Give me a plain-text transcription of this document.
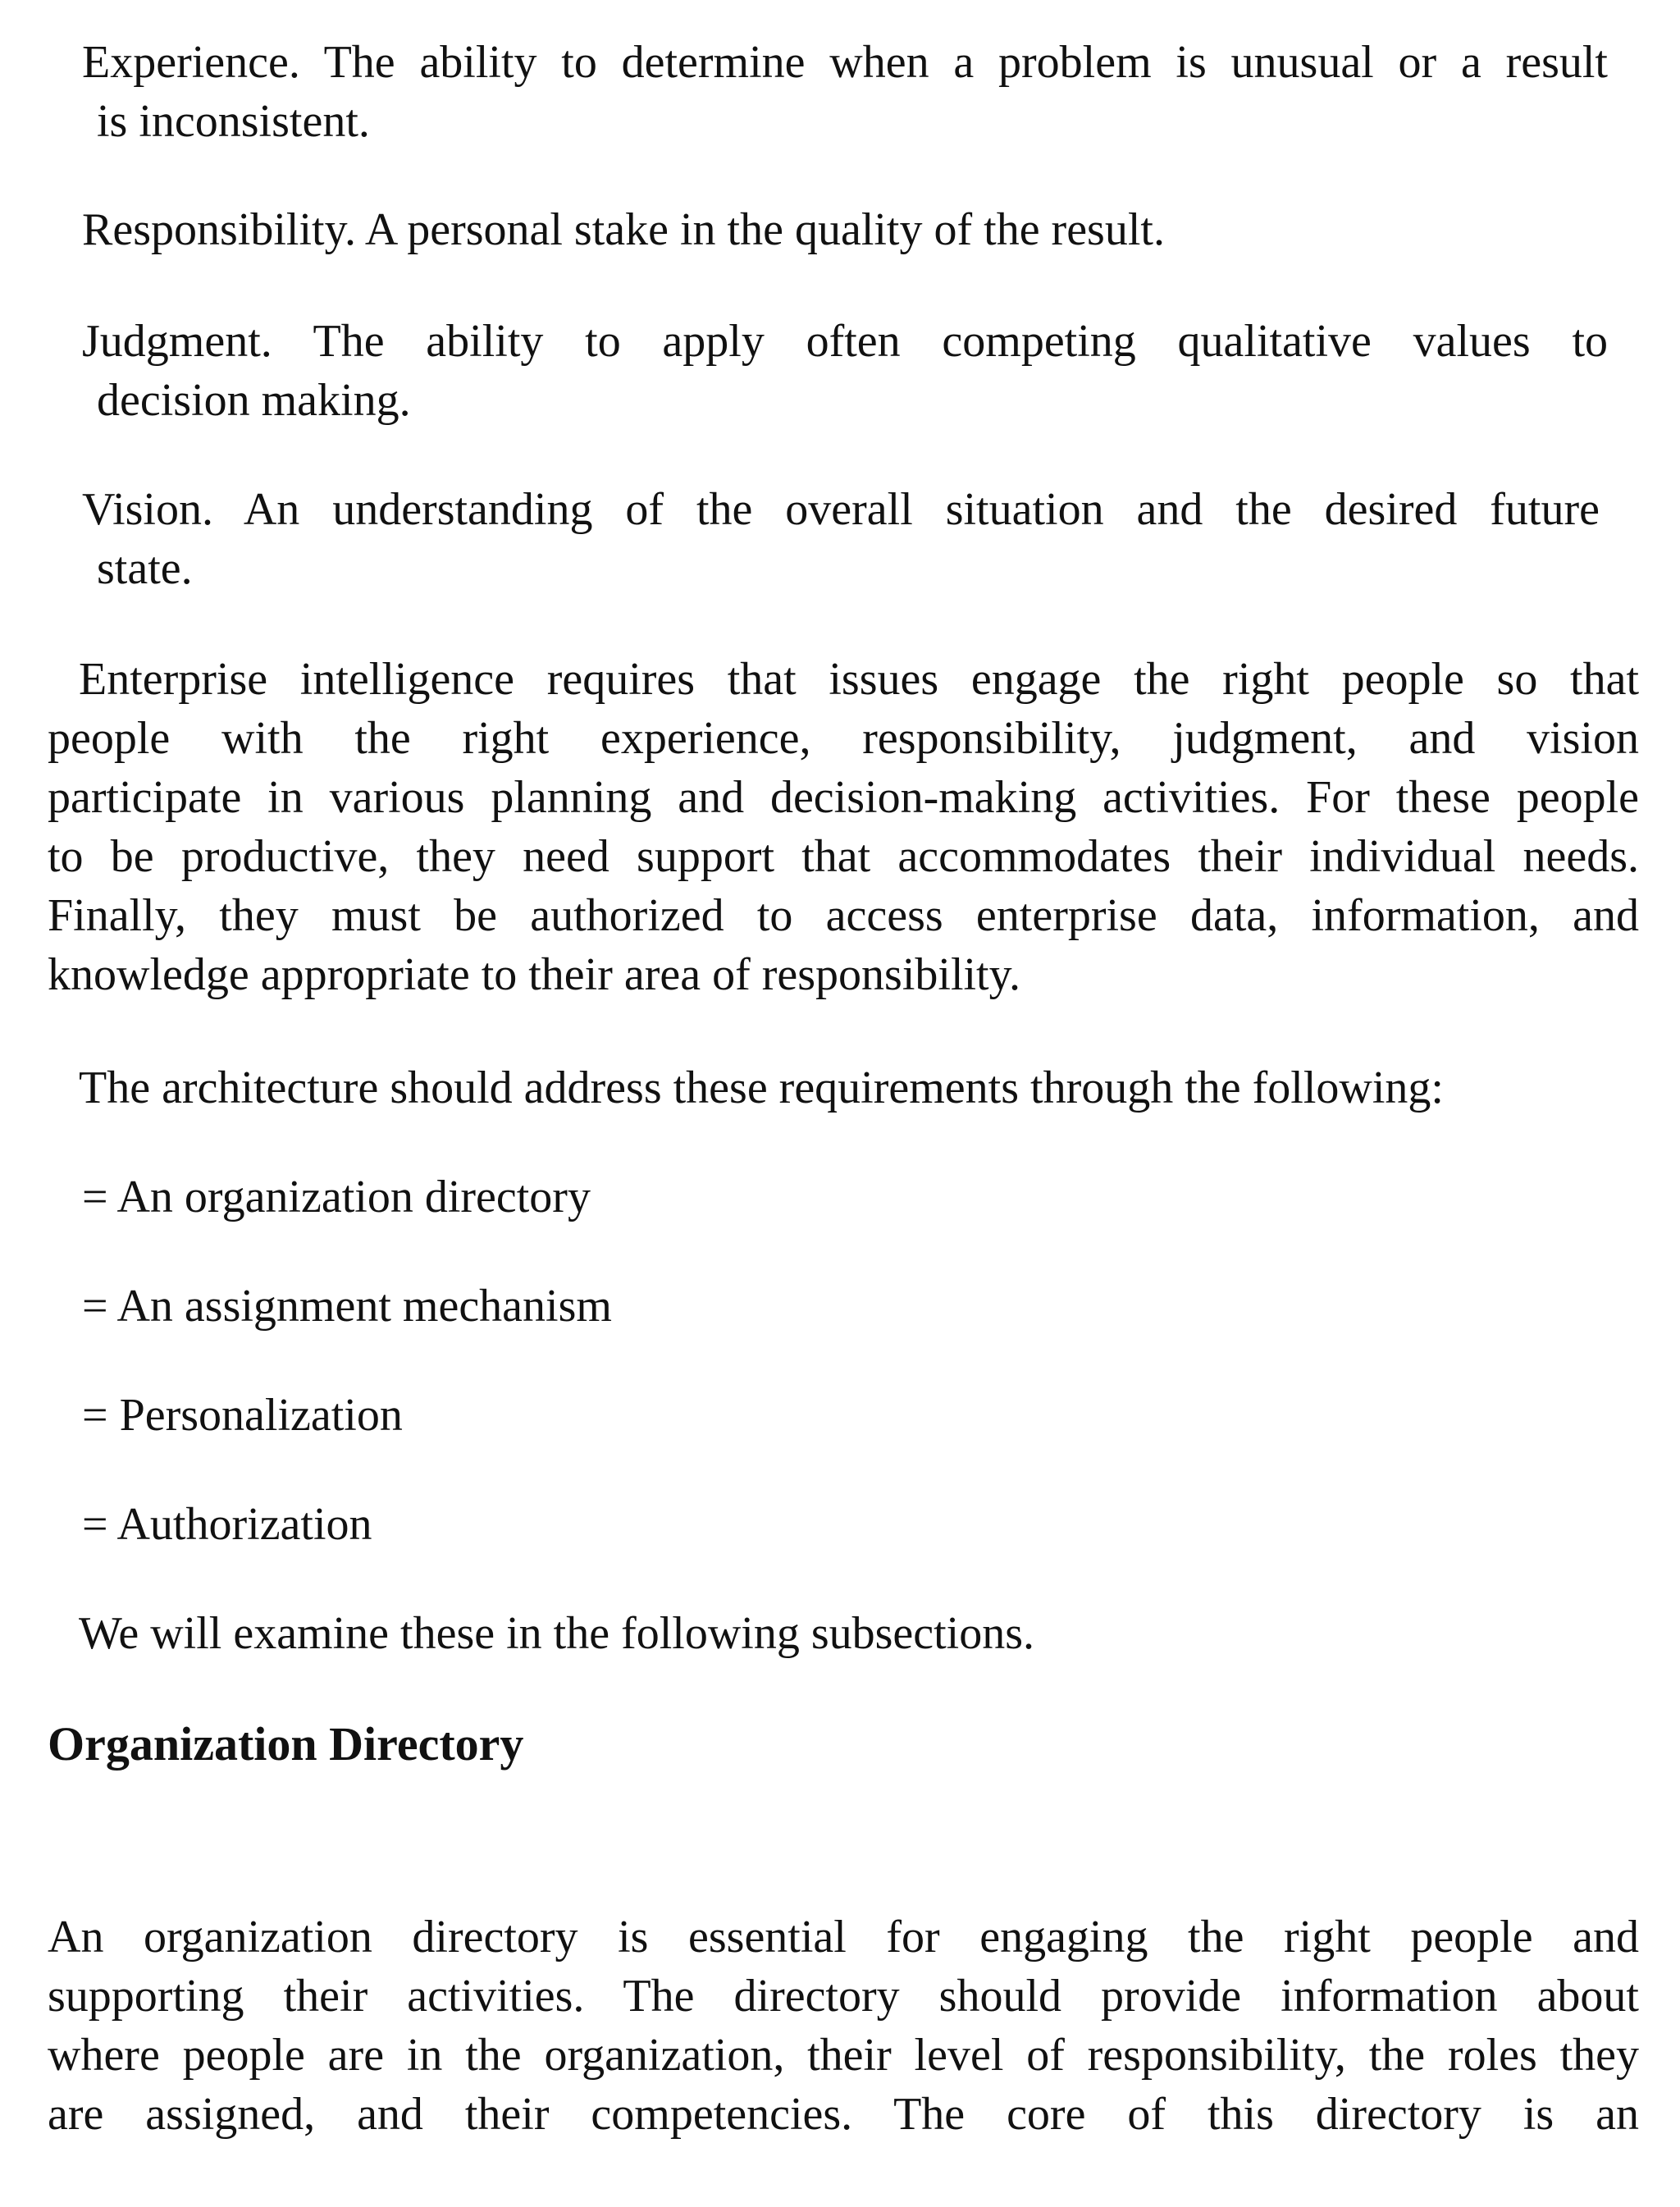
Experience. The ability to determine when a problem is unusual or a result
is inconsistent.
Responsibility. A personal stake in the quality of the result.
Judgment. The ability to apply often competing qualitative values to
decision making.
Vision. An understanding of the overall situation and the desired future
state.
Enterprise intelligence requires that issues engage the right people so that
people with the right experience, responsibility, judgment, and vision
participate in various planning and decision-making activities. For these people
to be productive, they need support that accommodates their individual needs.
Finally, they must be authorized to access enterprise data, information, and
knowledge appropriate to their area of responsibility.
The architecture should address these requirements through the following:
= An organization directory
= An assignment mechanism
= Personalization
= Authorization
We will examine these in the following subsections.
Organization Directory
An organization directory is essential for engaging the right people and
supporting their activities. The directory should provide information about
where people are in the organization, their level of responsibility, the roles they
are assigned, and their competencies. The core of this directory is an
